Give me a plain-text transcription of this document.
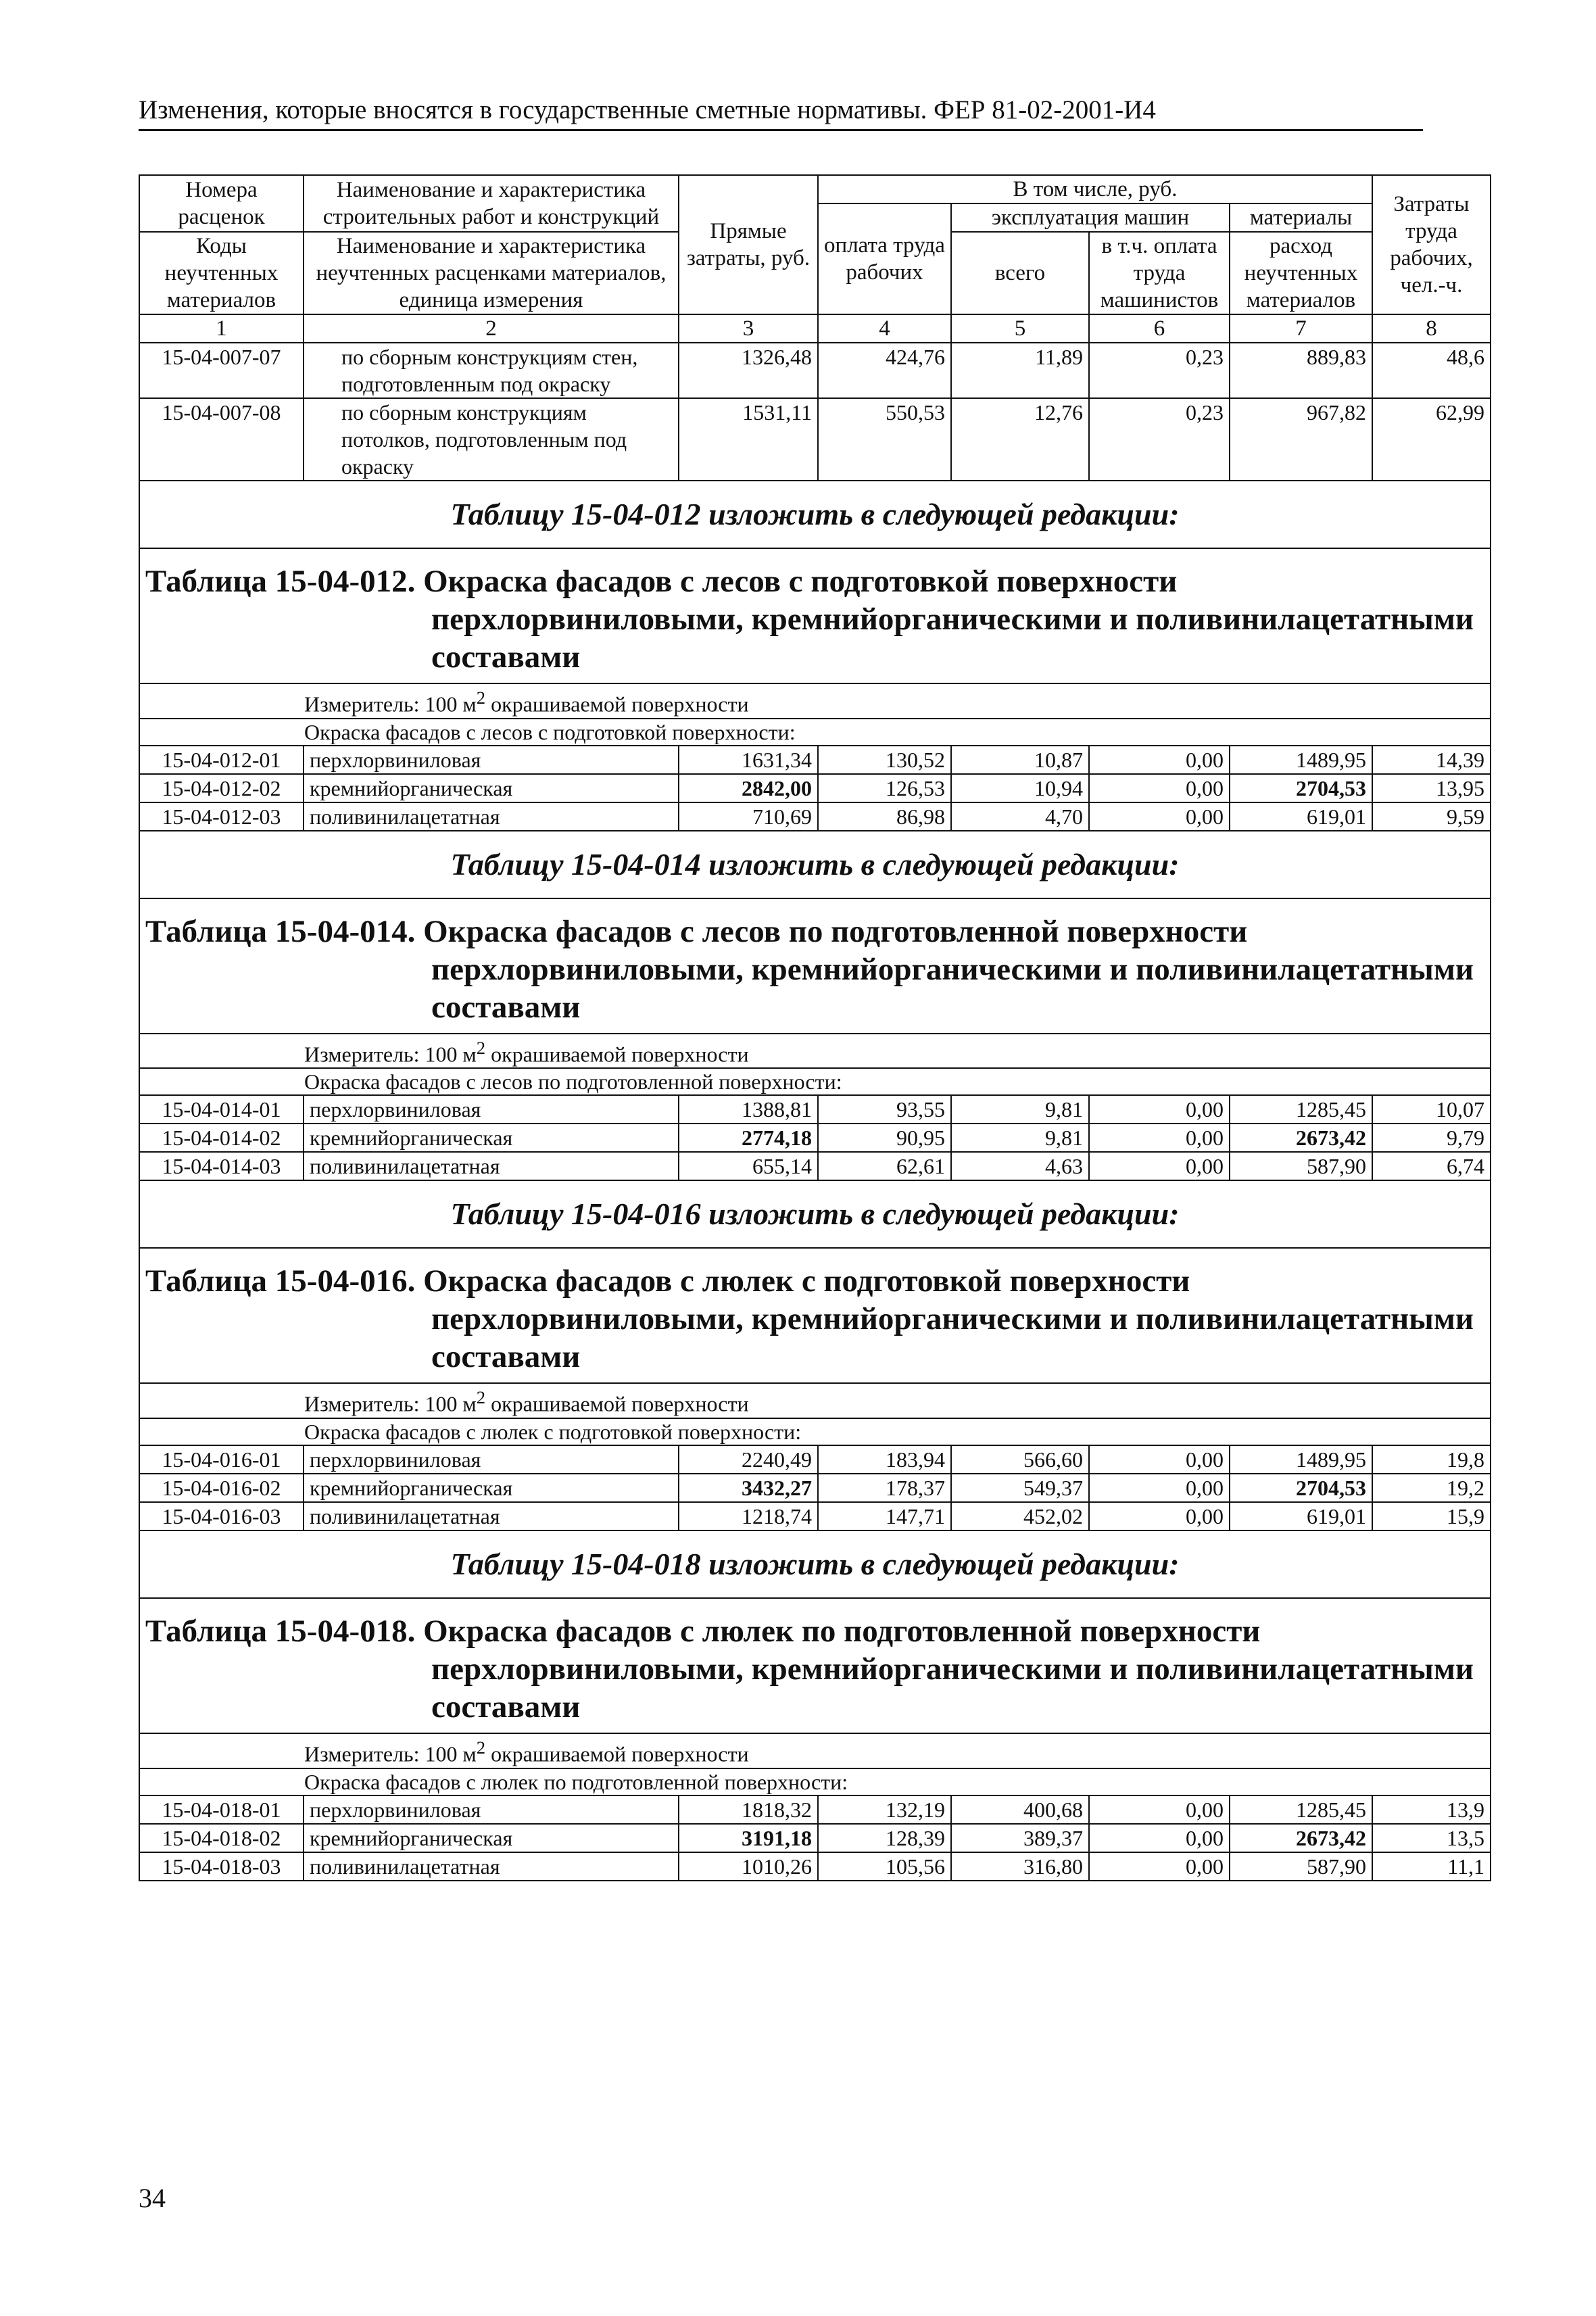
Изменения, которые вносятся в государственные сметные нормативы. ФЕР 81-02-2001-И4
Номера расценок	Наименование и характеристика строительных работ и конструкций	Прямые затраты, руб.	В том числе, руб.				Затраты труда рабочих, чел.-ч.
			оплата труда рабочих	эксплуатация машин		материалы	
Коды неучтенных материалов	Наименование и характеристика неучтенных расценками материалов, единица измерения			всего	в т.ч. оплата труда машинистов	расход неучтенных материалов	

1	2	3	4	5	6	7	8
15-04-007-07	по сборным конструкциям стен, подготовленным под окраску	1326,48	424,76	11,89	0,23	889,83	48,6
15-04-007-08	по сборным конструкциям потолков, подготовленным под окраску	1531,11	550,53	12,76	0,23	967,82	62,99
Таблицу 15-04-012 изложить в следующей редакции:							

Таблица 15-04-012. Окраска фасадов с лесов с подготовкой поверхности
перхлорвиниловыми, кремнийорганическими и поливинилацетатными
составами							

Измеритель: 100 $м^2$ окрашиваемой поверхности							
Окраска фасадов с лесов с подготовкой поверхности:							
15-04-012-01	перхлорвиниловая	1631,34	130,52	10,87	0,00	1489,95	14,39
15-04-012-02	кремнийорганическая	2842,00	126,53	10,94	0,00	2704,53	13,95
15-04-012-03	поливинилацетатная	710,69	86,98	4,70	0,00	619,01	9,59
Таблицу 15-04-014 изложить в следующей редакции:							

Таблица 15-04-014. Окраска фасадов с лесов по подготовленной поверхности
перхлорвиниловыми, кремнийорганическими и поливинилацетатными
составами							

Измеритель: 100 $м^2$ окрашиваемой поверхности							
Окраска фасадов с лесов по подготовленной поверхности:							
15-04-014-01	перхлорвиниловая	1388,81	93,55	9,81	0,00	1285,45	10,07
15-04-014-02	кремнийорганическая	2774,18	90,95	9,81	0,00	2673,42	9,79
15-04-014-03	поливинилацетатная	655,14	62,61	4,63	0,00	587,90	6,74
Таблицу 15-04-016 изложить в следующей редакции:							

Таблица 15-04-016. Окраска фасадов с люлек с подготовкой поверхности
перхлорвиниловыми, кремнийорганическими и поливинилацетатными
составами							

Измеритель: 100 $м^2$ окрашиваемой поверхности							
Окраска фасадов с люлек с подготовкой поверхности:							
15-04-016-01	перхлорвиниловая	2240,49	183,94	566,60	0,00	1489,95	19,8
15-04-016-02	кремнийорганическая	3432,27	178,37	549,37	0,00	2704,53	19,2
15-04-016-03	поливинилацетатная	1218,74	147,71	452,02	0,00	619,01	15,9
Таблицу 15-04-018 изложить в следующей редакции:							

Таблица 15-04-018. Окраска фасадов с люлек по подготовленной поверхности
перхлорвиниловыми, кремнийорганическими и поливинилацетатными
составами							

Измеритель: 100 $м^2$ окрашиваемой поверхности							
Окраска фасадов с люлек по подготовленной поверхности:							
15-04-018-01	перхлорвиниловая	1818,32	132,19	400,68	0,00	1285,45	13,9
15-04-018-02	кремнийорганическая	3191,18	128,39	389,37	0,00	2673,42	13,5
15-04-018-03	поливинилацетатная	1010,26	105,56	316,80	0,00	587,90	11,1
34
